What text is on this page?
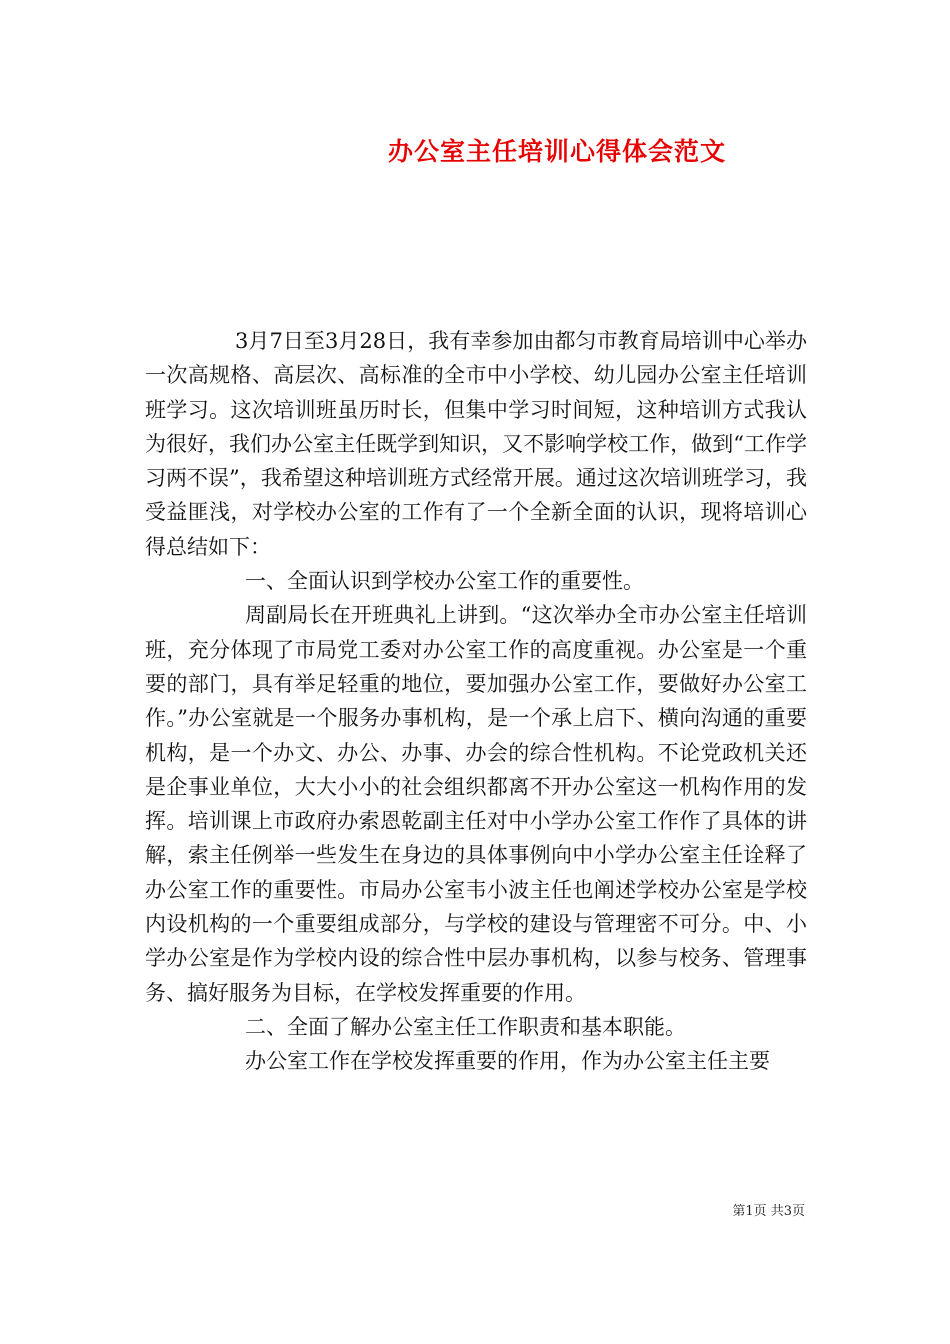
办公室主任培训心得体会范文

3月7日至3月28日，我有幸参加由都匀市教育局培训中心举办一次高规格、高层次、高标准的全市中小学校、幼儿园办公室主任培训班学习。这次培训班虽历时长，但集中学习时间短，这种培训方式我认为很好，我们办公室主任既学到知识，又不影响学校工作，做到“工作学习两不误”，我希望这种培训班方式经常开展。通过这次培训班学习，我受益匪浅，对学校办公室的工作有了一个全新全面的认识，现将培训心得总结如下：

一、全面认识到学校办公室工作的重要性。

周副局长在开班典礼上讲到。“这次举办全市办公室主任培训班，充分体现了市局党工委对办公室工作的高度重视。办公室是一个重要的部门，具有举足轻重的地位，要加强办公室工作，要做好办公室工作。”办公室就是一个服务办事机构，是一个承上启下、横向沟通的重要机构，是一个办文、办公、办事、办会的综合性机构。不论党政机关还是企事业单位，大大小小的社会组织都离不开办公室这一机构作用的发挥。培训课上市政府办索恩乾副主任对中小学办公室工作作了具体的讲解，索主任例举一些发生在身边的具体事例向中小学办公室主任诠释了办公室工作的重要性。市局办公室韦小波主任也阐述学校办公室是学校内设机构的一个重要组成部分，与学校的建设与管理密不可分。中、小学办公室是作为学校内设的综合性中层办事机构，以参与校务、管理事务、搞好服务为目标，在学校发挥重要的作用。

二、全面了解办公室主任工作职责和基本职能。

办公室工作在学校发挥重要的作用，作为办公室主任主要

第1页 共3页
